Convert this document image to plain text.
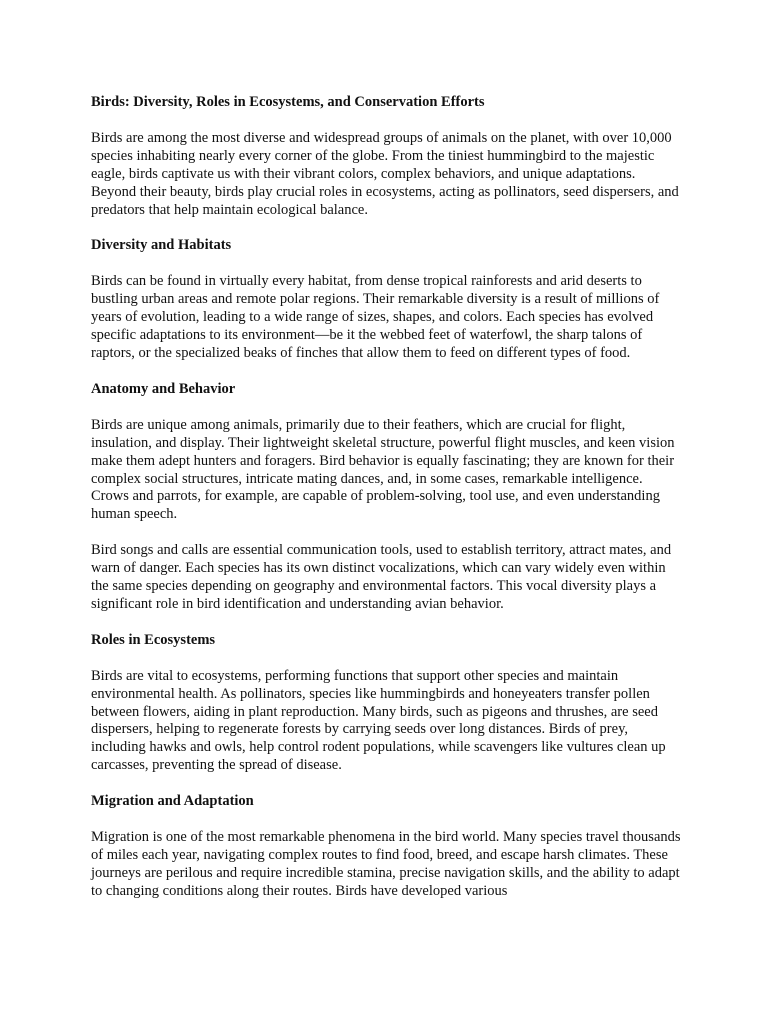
Birds: Diversity, Roles in Ecosystems, and Conservation Efforts

Birds are among the most diverse and widespread groups of animals on the planet, with over 10,000 species inhabiting nearly every corner of the globe. From the tiniest hummingbird to the majestic eagle, birds captivate us with their vibrant colors, complex behaviors, and unique adaptations. Beyond their beauty, birds play crucial roles in ecosystems, acting as pollinators, seed dispersers, and predators that help maintain ecological balance.

Diversity and Habitats

Birds can be found in virtually every habitat, from dense tropical rainforests and arid deserts to bustling urban areas and remote polar regions. Their remarkable diversity is a result of millions of years of evolution, leading to a wide range of sizes, shapes, and colors. Each species has evolved specific adaptations to its environment—be it the webbed feet of waterfowl, the sharp talons of raptors, or the specialized beaks of finches that allow them to feed on different types of food.

Anatomy and Behavior

Birds are unique among animals, primarily due to their feathers, which are crucial for flight, insulation, and display. Their lightweight skeletal structure, powerful flight muscles, and keen vision make them adept hunters and foragers. Bird behavior is equally fascinating; they are known for their complex social structures, intricate mating dances, and, in some cases, remarkable intelligence. Crows and parrots, for example, are capable of problem-solving, tool use, and even understanding human speech.

Bird songs and calls are essential communication tools, used to establish territory, attract mates, and warn of danger. Each species has its own distinct vocalizations, which can vary widely even within the same species depending on geography and environmental factors. This vocal diversity plays a significant role in bird identification and understanding avian behavior.

Roles in Ecosystems

Birds are vital to ecosystems, performing functions that support other species and maintain environmental health. As pollinators, species like hummingbirds and honeyeaters transfer pollen between flowers, aiding in plant reproduction. Many birds, such as pigeons and thrushes, are seed dispersers, helping to regenerate forests by carrying seeds over long distances. Birds of prey, including hawks and owls, help control rodent populations, while scavengers like vultures clean up carcasses, preventing the spread of disease.

Migration and Adaptation

Migration is one of the most remarkable phenomena in the bird world. Many species travel thousands of miles each year, navigating complex routes to find food, breed, and escape harsh climates. These journeys are perilous and require incredible stamina, precise navigation skills, and the ability to adapt to changing conditions along their routes. Birds have developed various
